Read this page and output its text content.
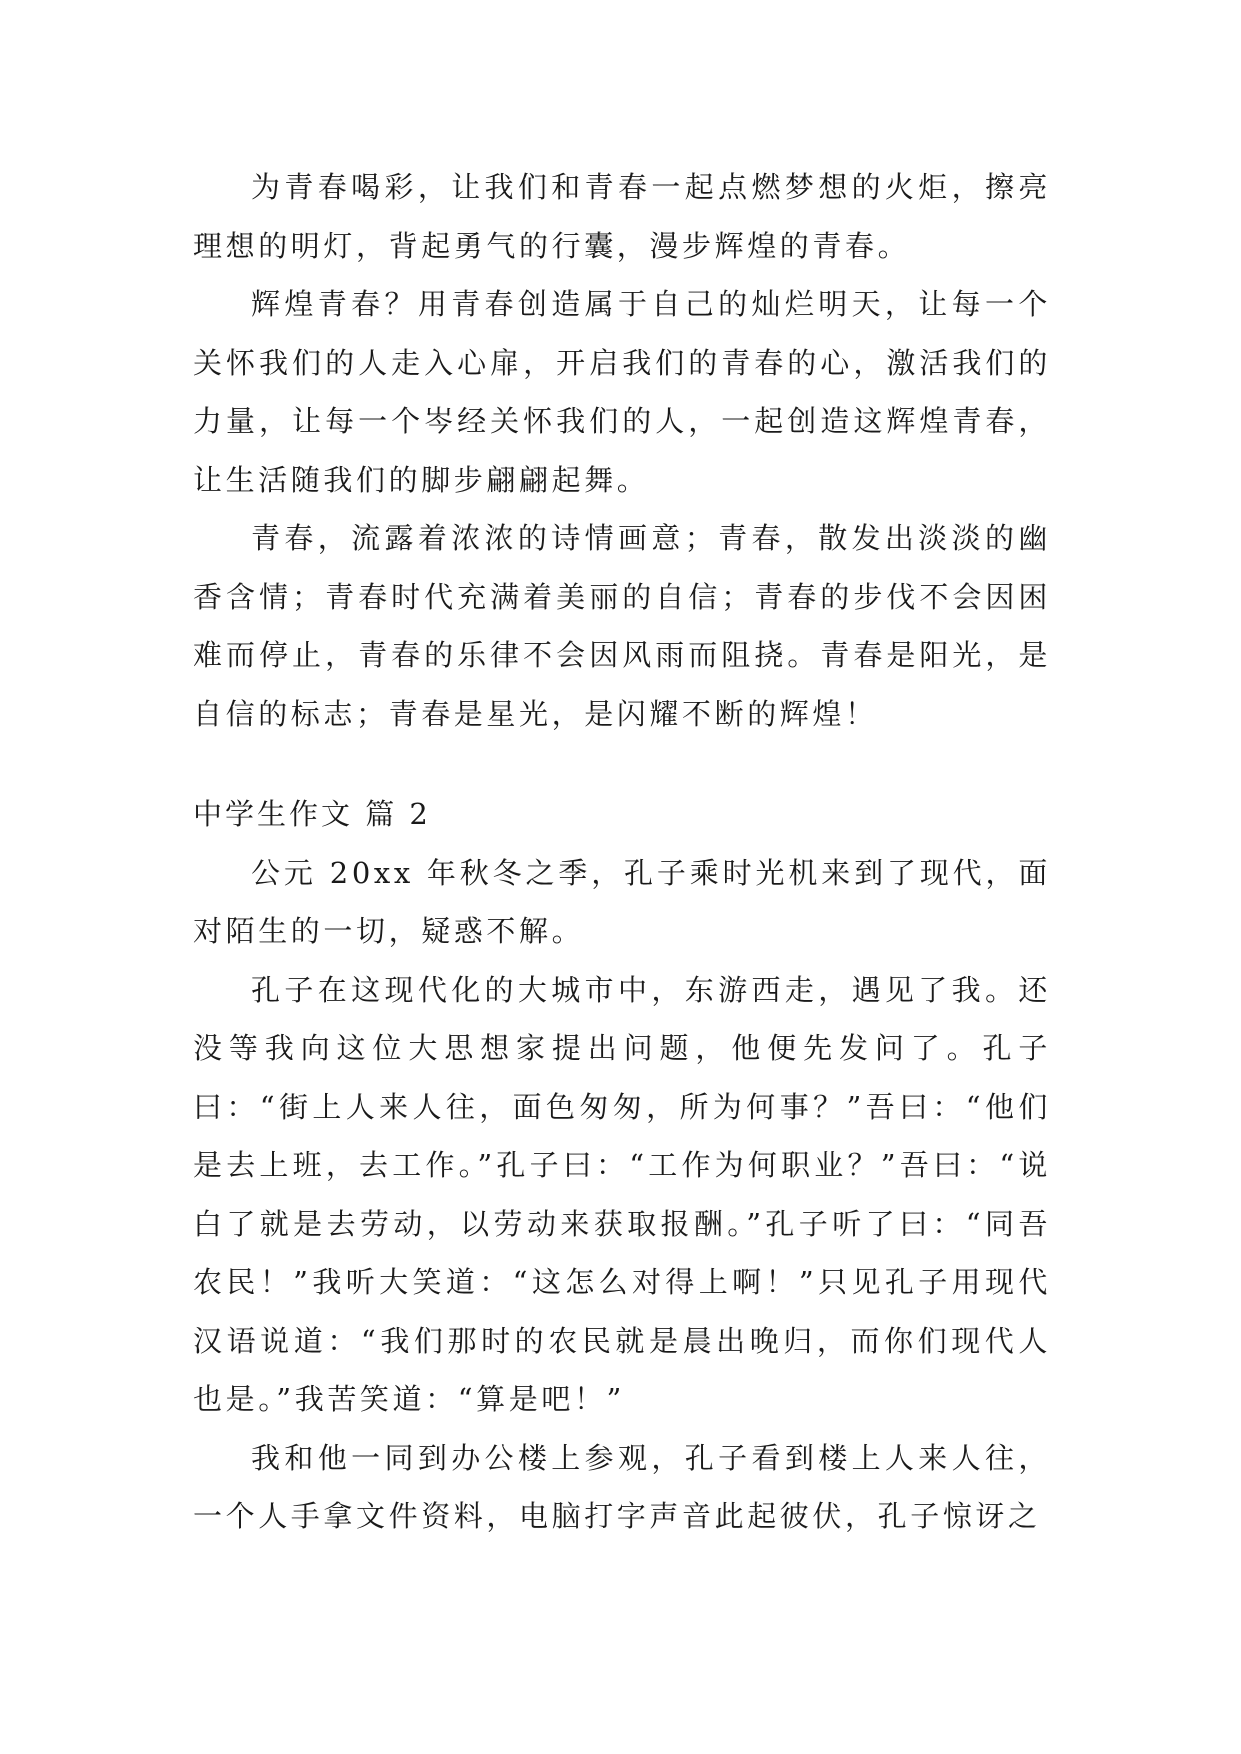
为青春喝彩，让我们和青春一起点燃梦想的火炬，擦亮理想的明灯，背起勇气的行囊，漫步辉煌的青春。

辉煌青春？用青春创造属于自己的灿烂明天，让每一个关怀我们的人走入心扉，开启我们的青春的心，激活我们的力量，让每一个岑经关怀我们的人，一起创造这辉煌青春，让生活随我们的脚步翩翩起舞。

青春，流露着浓浓的诗情画意；青春，散发出淡淡的幽香含情；青春时代充满着美丽的自信；青春的步伐不会因困难而停止，青春的乐律不会因风雨而阻挠。青春是阳光，是自信的标志；青春是星光，是闪耀不断的辉煌！

中学生作文 篇 2

公元 20xx 年秋冬之季，孔子乘时光机来到了现代，面对陌生的一切，疑惑不解。

孔子在这现代化的大城市中，东游西走，遇见了我。还没等我向这位大思想家提出问题，他便先发问了。孔子曰：“街上人来人往，面色匆匆，所为何事？”吾曰：“他们是去上班，去工作。”孔子曰：“工作为何职业？”吾曰：“说白了就是去劳动，以劳动来获取报酬。”孔子听了曰：“同吾农民！”我听大笑道：“这怎么对得上啊！”只见孔子用现代汉语说道：“我们那时的农民就是晨出晚归，而你们现代人也是。”我苦笑道：“算是吧！”

我和他一同到办公楼上参观，孔子看到楼上人来人往，一个人手拿文件资料，电脑打字声音此起彼伏，孔子惊讶之
